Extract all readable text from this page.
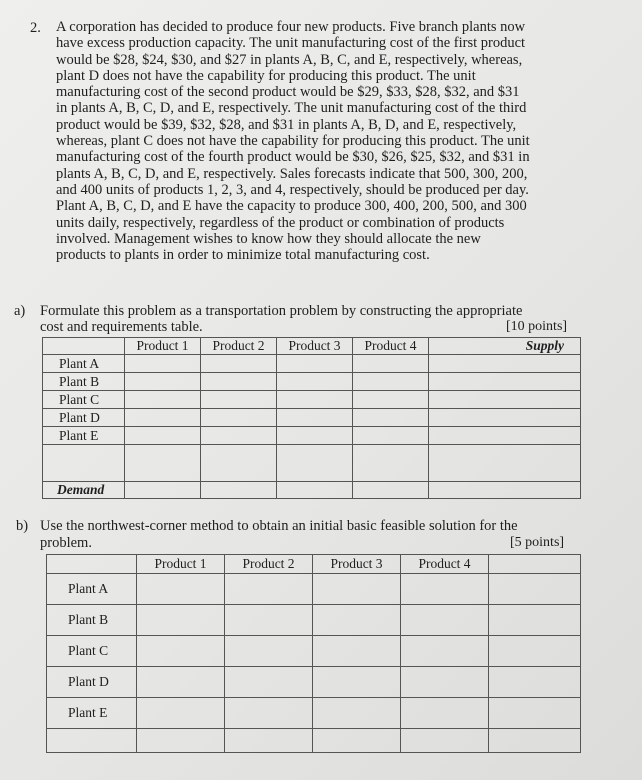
2. A corporation has decided to produce four new products. Five branch plants now
have excess production capacity. The unit manufacturing cost of the first product
would be $28, $24, $30, and $27 in plants A, B, C, and E, respectively, whereas,
plant D does not have the capability for producing this product. The unit
manufacturing cost of the second product would be $29, $33, $28, $32, and $31
in plants A, B, C, D, and E, respectively. The unit manufacturing cost of the third
product would be $39, $32, $28, and $31 in plants A, B, D, and E, respectively,
whereas, plant C does not have the capability for producing this product. The unit
manufacturing cost of the fourth product would be $30, $26, $25, $32, and $31 in
plants A, B, C, D, and E, respectively. Sales forecasts indicate that 500, 300, 200,
and 400 units of products 1, 2, 3, and 4, respectively, should be produced per day.
Plant A, B, C, D, and E have the capacity to produce 300, 400, 200, 500, and 300
units daily, respectively, regardless of the product or combination of products
involved. Management wishes to know how they should allocate the new
products to plants in order to minimize total manufacturing cost.

a) Formulate this problem as a transportation problem by constructing the appropriate
cost and requirements table.	[10 points]
	Product 1	Product 2	Product 3	Product 4	Supply
Plant A					
Plant B					
Plant C					
Plant D					
Plant E					

Demand					
b) Use the northwest-corner method to obtain an initial basic feasible solution for the
problem.	[5 points]
	Product 1	Product 2	Product 3	Product 4	
Plant A					
Plant B					
Plant C					
Plant D					
Plant E					
